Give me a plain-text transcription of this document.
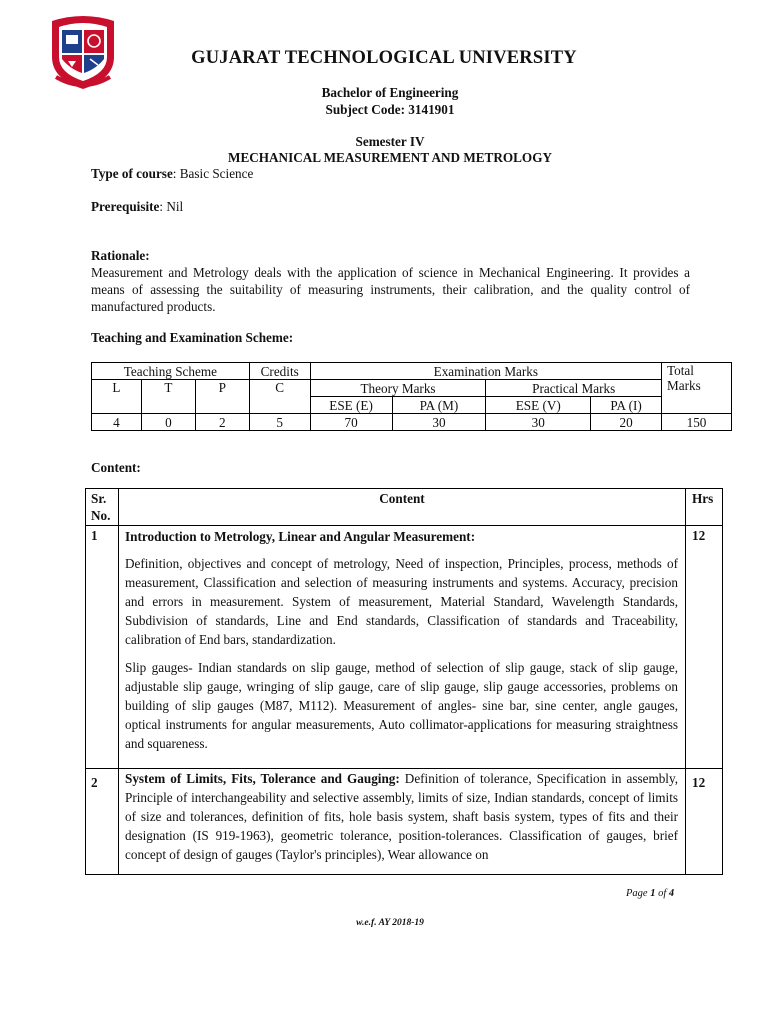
GUJARAT TECHNOLOGICAL UNIVERSITY
Bachelor of Engineering
Subject Code: 3141901
Semester IV
MECHANICAL MEASUREMENT AND METROLOGY
Type of course: Basic Science
Prerequisite: Nil
Rationale:
Measurement and Metrology deals with the application of science in Mechanical Engineering. It provides a means of assessing the suitability of measuring instruments, their calibration, and the quality control of manufactured products.
Teaching and Examination Scheme:
Teaching Scheme			Credits	Examination Marks				Total
Marks
L	T	P	C	Theory Marks		Practical Marks		
				ESE (E)	PA (M)	ESE (V)	PA (I)	
4	0	2	5	70	30	30	20	150
Content:
Sr.
No.	Content	Hrs
1	Introduction to Metrology, Linear and Angular Measurement:
Definition, objectives and concept of metrology, Need of inspection, Principles, process, methods of measurement, Classification and selection of measuring instruments and systems. Accuracy, precision and errors in measurement. System of measurement, Material Standard, Wavelength Standards, Subdivision of standards, Line and End standards, Classification of standards and Traceability, calibration of End bars, standardization.
Slip gauges- Indian standards on slip gauge, method of selection of slip gauge, stack of slip gauge, adjustable slip gauge, wringing of slip gauge, care of slip gauge, slip gauge accessories, problems on building of slip gauges (M87, M112). Measurement of angles- sine bar, sine center, angle gauges, optical instruments for angular measurements, Auto collimator-applications for measuring straightness and squareness.	12
2	System of Limits, Fits, Tolerance and Gauging: Definition of tolerance, Specification in assembly, Principle of interchangeability and selective assembly, limits of size, Indian standards, concept of limits of size and tolerances, definition of fits, hole basis system, shaft basis system, types of fits and their designation (IS 919-1963), geometric tolerance, position-tolerances. Classification of gauges, brief concept of design of gauges (Taylor's principles), Wear allowance on	12
Page 1 of 4
w.e.f. AY 2018-19
